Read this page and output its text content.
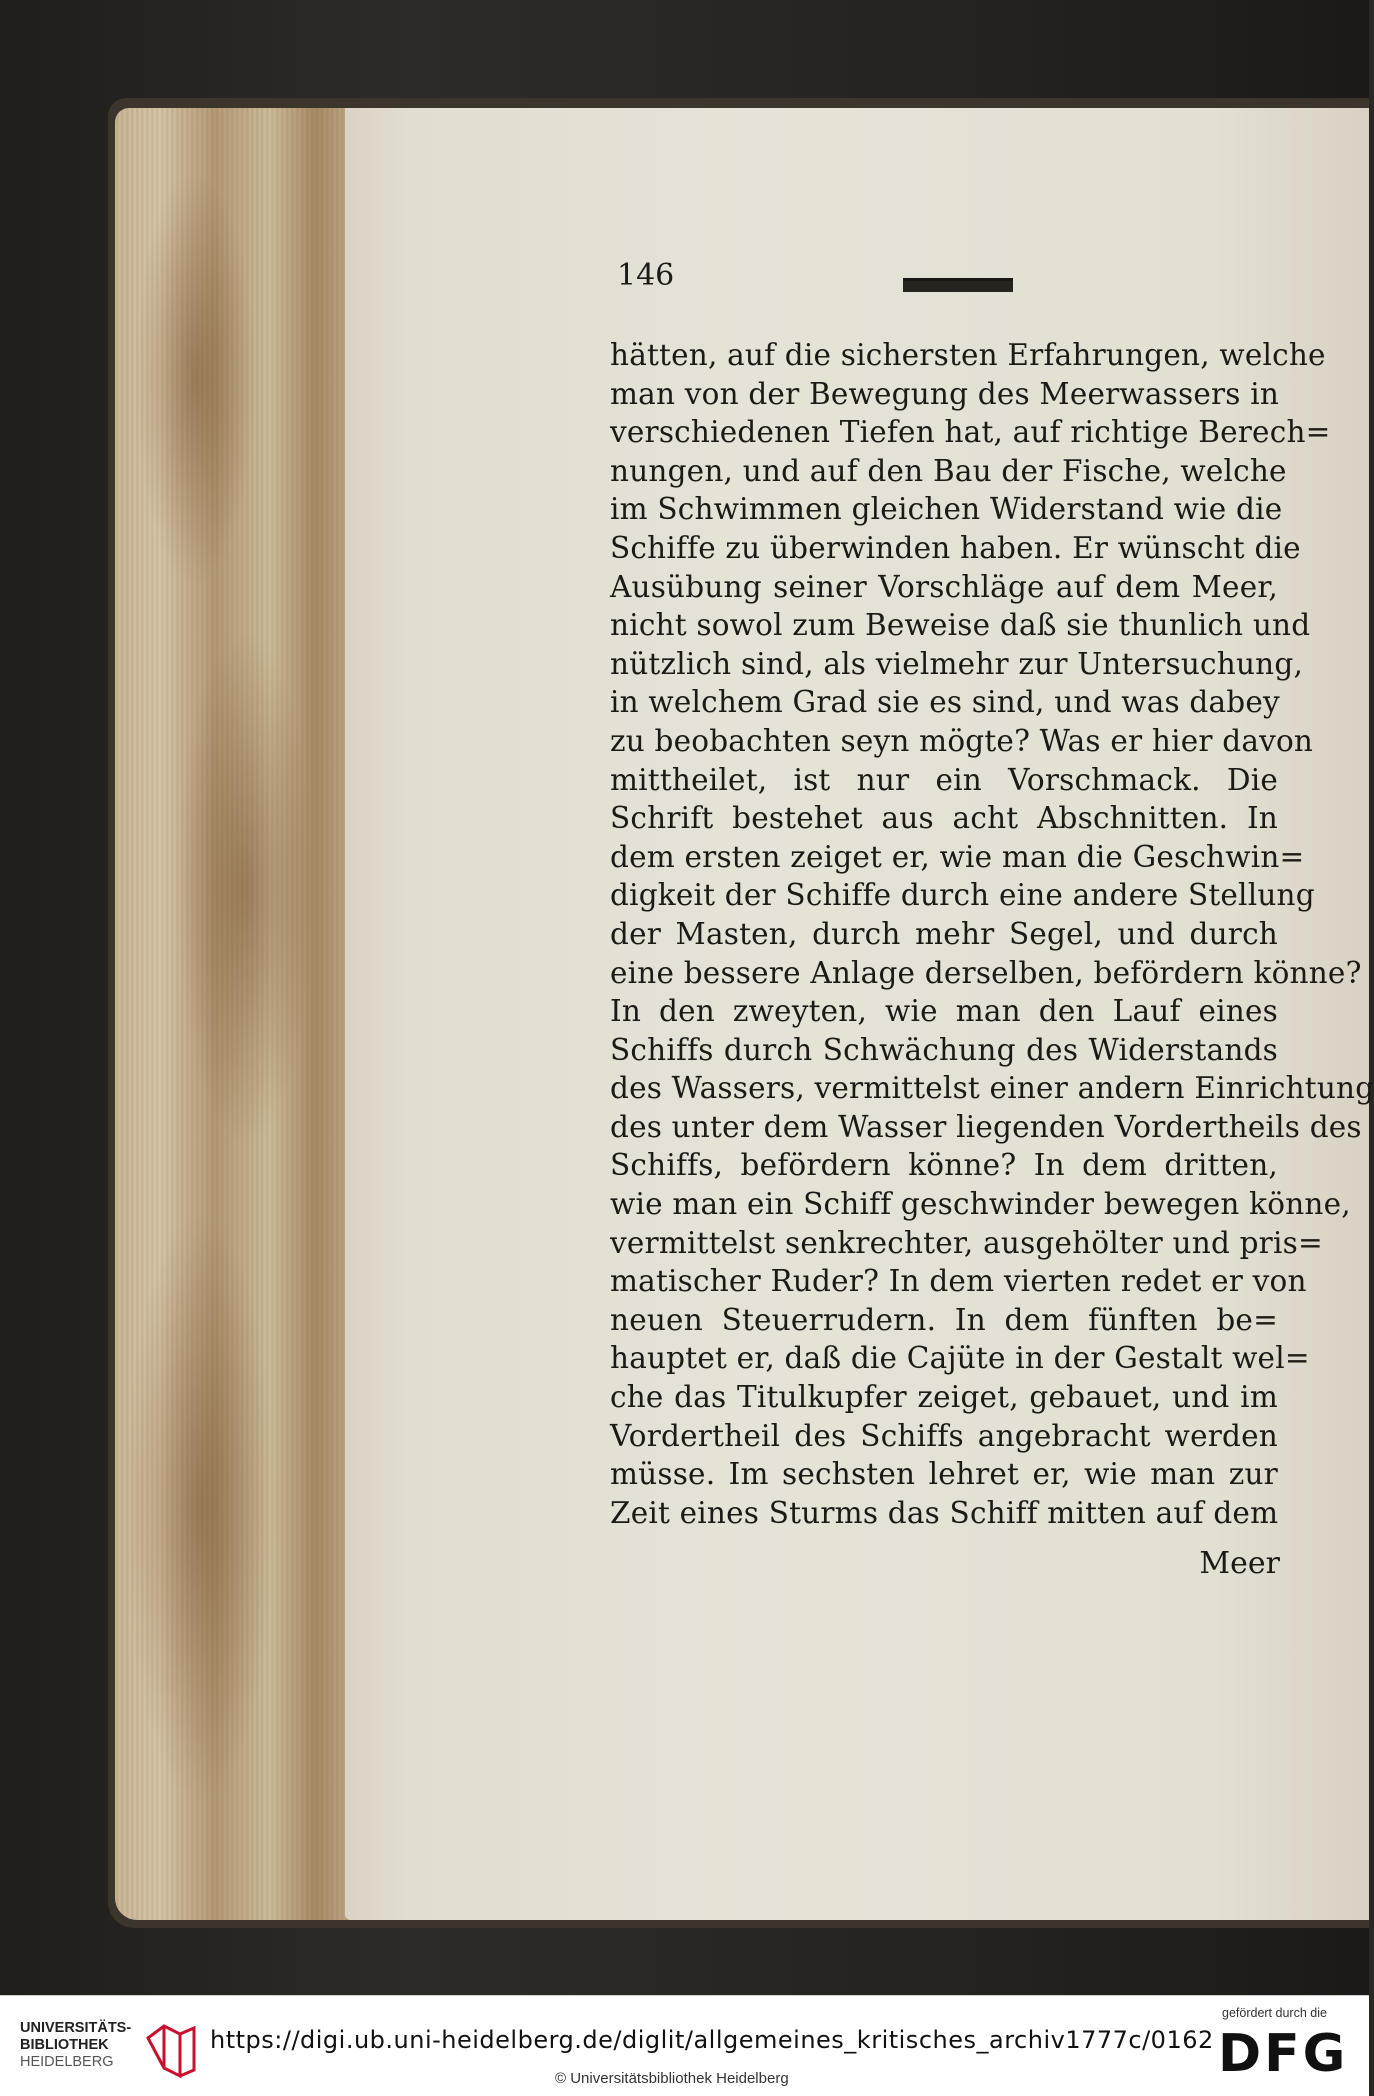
146
hätten, auf die sichersten Erfahrungen, welche
man von der Bewegung des Meerwassers in
verschiedenen Tiefen hat, auf richtige Berech=
nungen, und auf den Bau der Fische, welche
im Schwimmen gleichen Widerstand wie die
Schiffe zu überwinden haben. Er wünscht die
Ausübung seiner Vorschläge auf dem Meer,
nicht sowol zum Beweise daß sie thunlich und
nützlich sind, als vielmehr zur Untersuchung,
in welchem Grad sie es sind, und was dabey
zu beobachten seyn mögte? Was er hier davon
mittheilet, ist nur ein Vorschmack. Die
Schrift bestehet aus acht Abschnitten. In
dem ersten zeiget er, wie man die Geschwin=
digkeit der Schiffe durch eine andere Stellung
der Masten, durch mehr Segel, und durch
eine bessere Anlage derselben, befördern könne?
In den zweyten, wie man den Lauf eines
Schiffs durch Schwächung des Widerstands
des Wassers, vermittelst einer andern Einrichtung
des unter dem Wasser liegenden Vordertheils des
Schiffs, befördern könne? In dem dritten,
wie man ein Schiff geschwinder bewegen könne,
vermittelst senkrechter, ausgehölter und pris=
matischer Ruder? In dem vierten redet er von
neuen Steuerrudern. In dem fünften be=
hauptet er, daß die Cajüte in der Gestalt wel=
che das Titulkupfer zeiget, gebauet, und im
Vordertheil des Schiffs angebracht werden
müsse. Im sechsten lehret er, wie man zur
Zeit eines Sturms das Schiff mitten auf dem
Meer
UNIVERSITÄTS-
BIBLIOTHEK
HEIDELBERG
https://digi.ub.uni-heidelberg.de/diglit/allgemeines_kritisches_archiv1777c/0162
© Universitätsbibliothek Heidelberg
gefördert durch die
DFG
